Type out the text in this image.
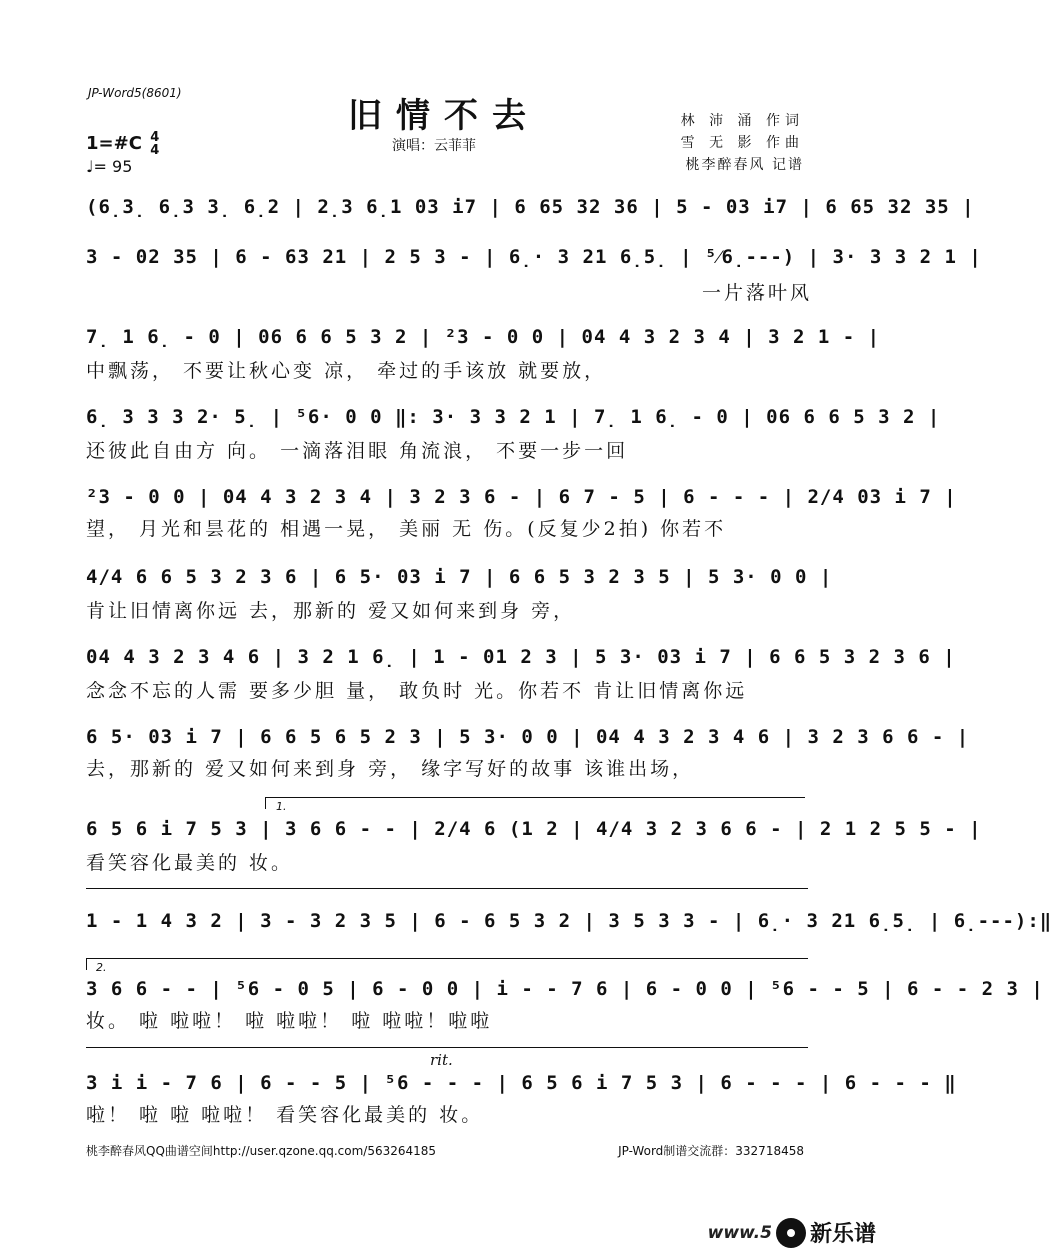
JP-Word5(8601)
旧情不去
演唱：云菲菲
林 沛 涌 作词
雪 无 影 作曲
桃李醉春风 记谱
1=#C 4
4
♩= 95
(6̣3̣ 6̣3 3̣ 6̣2 | 2̣3 6̣1 03 i7 | 6 65 32 36 | 5 - 03 i7 | 6 65 32 35 |
3 - 02 35 | 6 - 63 21 | 2 5 3 - | 6̣· 3 21 6̣5̣ | ⁵⁄6̣---) | 3· 3 3 2 1 |
一片落叶风
7̣ 1 6̣ - 0 | 06 6 6 5 3 2 | ²3 - 0 0 | 04 4 3 2 3 4 | 3 2 1 - |
中飘荡， 不要让秋心变 凉， 牵过的手该放 就要放，
6̣ 3 3 3 2· 5̣ | ⁵6· 0 0 ‖: 3· 3 3 2 1 | 7̣ 1 6̣ - 0 | 06 6 6 5 3 2 |
还彼此自由方 向。 一滴落泪眼 角流浪， 不要一步一回
²3 - 0 0 | 04 4 3 2 3 4 | 3 2 3 6 - | 6 7 - 5 | 6 - - - | 2/4 03 i 7 |
望， 月光和昙花的 相遇一晃， 美丽 无 伤。(反复少2拍) 你若不
4/4 6 6 5 3 2 3 6 | 6 5· 03 i 7 | 6 6 5 3 2 3 5 | 5 3· 0 0 |
肯让旧情离你远 去，那新的 爱又如何来到身 旁，
04 4 3 2 3 4 6 | 3 2 1 6̣ | 1 - 01 2 3 | 5 3· 03 i 7 | 6 6 5 3 2 3 6 |
念念不忘的人需 要多少胆 量， 敢负时 光。你若不 肯让旧情离你远
6 5· 03 i 7 | 6 6 5 6 5 2 3 | 5 3· 0 0 | 04 4 3 2 3 4 6 | 3 2 3 6 6 - |
去，那新的 爱又如何来到身 旁， 缘字写好的故事 该谁出场，
1.
6 5 6 i 7 5 3 | 3 6 6 - - | 2/4 6 (1 2 | 4/4 3 2 3 6 6 - | 2 1 2 5 5 - |
看笑容化最美的 妆。
1 - 1 4 3 2 | 3 - 3 2 3 5 | 6 - 6 5 3 2 | 3 5 3 3 - | 6̣· 3 21 6̣5̣ | 6̣---):‖
2.
3 6 6 - - | ⁵6 - 0 5 | 6 - 0 0 | i - - 7 6 | 6 - 0 0 | ⁵6 - - 5 | 6 - - 2 3 |
妆。 啦 啦啦！ 啦 啦啦！ 啦 啦啦！啦啦
rit.
3 i i - 7 6 | 6 - - 5 | ⁵6 - - - | 6 5 6 i 7 5 3 | 6 - - - | 6 - - - ‖
啦！ 啦 啦 啦啦！ 看笑容化最美的 妆。
桃李醉春风QQ曲谱空间http://user.qzone.qq.com/563264185	JP-Word制谱交流群：332718458
www.5 新乐谱
